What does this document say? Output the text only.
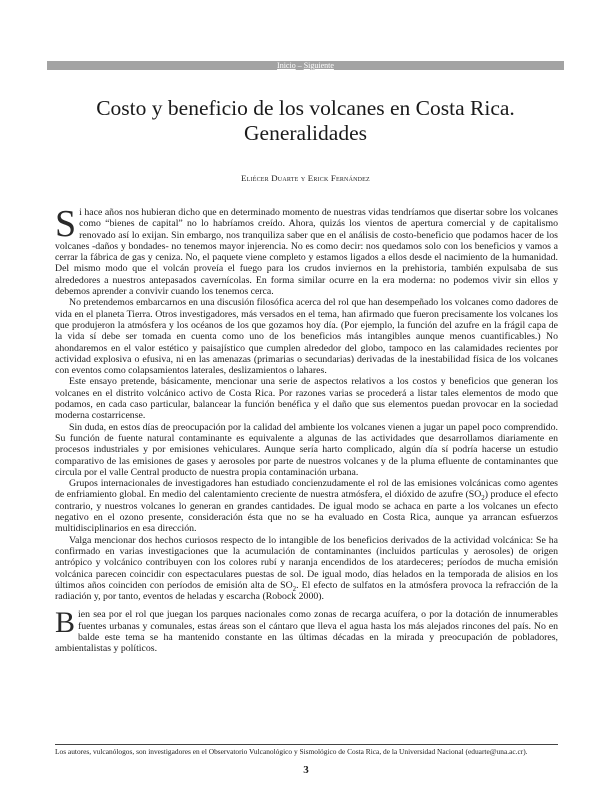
Inicio – Siguiente
Costo y beneficio de los volcanes en Costa Rica.
Generalidades
Eliécer Duarte y Erick Fernández

Si hace años nos hubieran dicho que en determinado momento de nuestras vidas tendríamos que disertar sobre los volcanes como “bienes de capital” no lo habríamos creído. Ahora, quizás los vientos de apertura comercial y de capitalismo renovado así lo exijan. Sin embargo, nos tranquiliza saber que en el análisis de costo-beneficio que podamos hacer de los volcanes -daños y bondades- no tenemos mayor injerencia. No es como decir: nos quedamos solo con los beneficios y vamos a cerrar la fábrica de gas y ceniza. No, el paquete viene completo y estamos ligados a ellos desde el nacimiento de la humanidad. Del mismo modo que el volcán proveía el fuego para los crudos inviernos en la prehistoria, también expulsaba de sus alrededores a nuestros antepasados cavernícolas. En forma similar ocurre en la era moderna: no podemos vivir sin ellos y debemos aprender a convivir cuando los tenemos cerca.

No pretendemos embarcarnos en una discusión filosófica acerca del rol que han desempeñado los volcanes como dadores de vida en el planeta Tierra. Otros investigadores, más versados en el tema, han afirmado que fueron precisamente los volcanes los que produjeron la atmósfera y los océanos de los que gozamos hoy día. (Por ejemplo, la función del azufre en la frágil capa de la vida sí debe ser tomada en cuenta como uno de los beneficios más intangibles aunque menos cuantificables.) No ahondaremos en el valor estético y paisajístico que cumplen alrededor del globo, tampoco en las calamidades recientes por actividad explosiva o efusiva, ni en las amenazas (primarias o secundarias) derivadas de la inestabilidad física de los volcanes con eventos como colapsamientos laterales, deslizamientos o lahares.

Este ensayo pretende, básicamente, mencionar una serie de aspectos relativos a los costos y beneficios que generan los volcanes en el distrito volcánico activo de Costa Rica. Por razones varias se procederá a listar tales elementos de modo que podamos, en cada caso particular, balancear la función benéfica y el daño que sus elementos puedan provocar en la sociedad moderna costarricense.

Sin duda, en estos días de preocupación por la calidad del ambiente los volcanes vienen a jugar un papel poco comprendido. Su función de fuente natural contaminante es equivalente a algunas de las actividades que desarrollamos diariamente en procesos industriales y por emisiones vehiculares. Aunque sería harto complicado, algún día sí podría hacerse un estudio comparativo de las emisiones de gases y aerosoles por parte de nuestros volcanes y de la pluma efluente de contaminantes que circula por el valle Central producto de nuestra propia contaminación urbana.

Grupos internacionales de investigadores han estudiado concienzudamente el rol de las emisiones volcánicas como agentes de enfriamiento global. En medio del calentamiento creciente de nuestra atmósfera, el dióxido de azufre $(SO_2)$ produce el efecto contrario, y nuestros volcanes lo generan en grandes cantidades. De igual modo se achaca en parte a los volcanes un efecto negativo en el ozono presente, consideración ésta que no se ha evaluado en Costa Rica, aunque ya arrancan esfuerzos multidisciplinarios en esa dirección.

Valga mencionar dos hechos curiosos respecto de lo intangible de los beneficios derivados de la actividad volcánica: Se ha confirmado en varias investigaciones que la acumulación de contaminantes (incluidos partículas y aerosoles) de origen antrópico y volcánico contribuyen con los colores rubí y naranja encendidos de los atardeceres; períodos de mucha emisión volcánica parecen coincidir con espectaculares puestas de sol. De igual modo, días helados en la temporada de alisios en los últimos años coinciden con períodos de emisión alta de $SO_2$. El efecto de sulfatos en la atmósfera provoca la refracción de la radiación y, por tanto, eventos de heladas y escarcha (Robock 2000).

Bien sea por el rol que juegan los parques nacionales como zonas de recarga acuífera, o por la dotación de innumerables fuentes urbanas y comunales, estas áreas son el cántaro que lleva el agua hasta los más alejados rincones del país. No en balde este tema se ha mantenido constante en las últimas décadas en la mirada y preocupación de pobladores, ambientalistas y políticos.

Los autores, vulcanólogos, son investigadores en el Observatorio Vulcanológico y Sismológico de Costa Rica, de la Universidad Nacional (eduarte@una.ac.cr).
3
